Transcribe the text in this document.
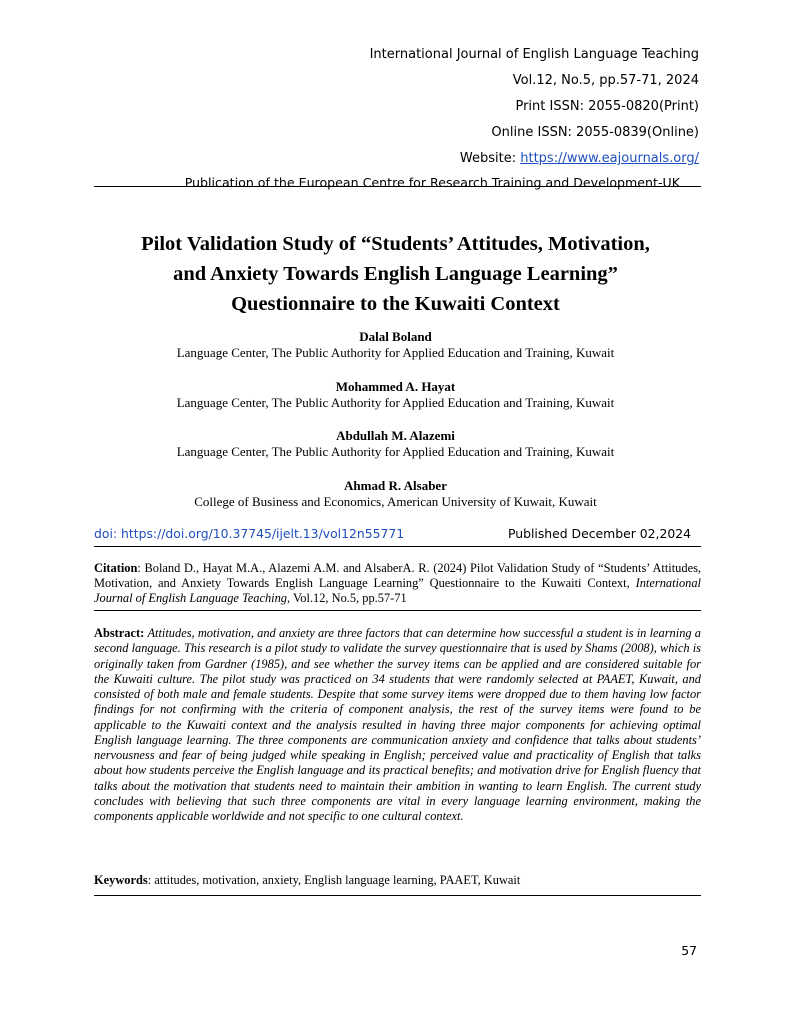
International Journal of English Language Teaching
Vol.12, No.5, pp.57-71, 2024
Print ISSN: 2055-0820(Print)
Online ISSN: 2055-0839(Online)
Website: https://www.eajournals.org/
Publication of the European Centre for Research Training and Development-UK
Pilot Validation Study of “Students’ Attitudes, Motivation,
and Anxiety Towards English Language Learning”
Questionnaire to the Kuwaiti Context
Dalal Boland
Language Center, The Public Authority for Applied Education and Training, Kuwait
Mohammed A. Hayat
Language Center, The Public Authority for Applied Education and Training, Kuwait
Abdullah M. Alazemi
Language Center, The Public Authority for Applied Education and Training, Kuwait
Ahmad R. Alsaber
College of Business and Economics, American University of Kuwait, Kuwait
doi: https://doi.org/10.37745/ijelt.13/vol12n55771	Published December 02,2024
Citation: Boland D., Hayat M.A., Alazemi A.M. and AlsaberA. R. (2024) Pilot Validation Study of “Students’ Attitudes, Motivation, and Anxiety Towards English Language Learning” Questionnaire to the Kuwaiti Context, International Journal of English Language Teaching, Vol.12, No.5, pp.57-71
Abstract: Attitudes, motivation, and anxiety are three factors that can determine how successful a student is in learning a second language. This research is a pilot study to validate the survey questionnaire that is used by Shams (2008), which is originally taken from Gardner (1985), and see whether the survey items can be applied and are considered suitable for the Kuwaiti culture. The pilot study was practiced on 34 students that were randomly selected at PAAET, Kuwait, and consisted of both male and female students. Despite that some survey items were dropped due to them having low factor findings for not confirming with the criteria of component analysis, the rest of the survey items were found to be applicable to the Kuwaiti context and the analysis resulted in having three major components for achieving optimal English language learning. The three components are communication anxiety and confidence that talks about students’ nervousness and fear of being judged while speaking in English; perceived value and practicality of English that talks about how students perceive the English language and its practical benefits; and motivation drive for English fluency that talks about the motivation that students need to maintain their ambition in wanting to learn English. The current study concludes with believing that such three components are vital in every language learning environment, making the components applicable worldwide and not specific to one cultural context.
Keywords: attitudes, motivation, anxiety, English language learning, PAAET, Kuwait
57
